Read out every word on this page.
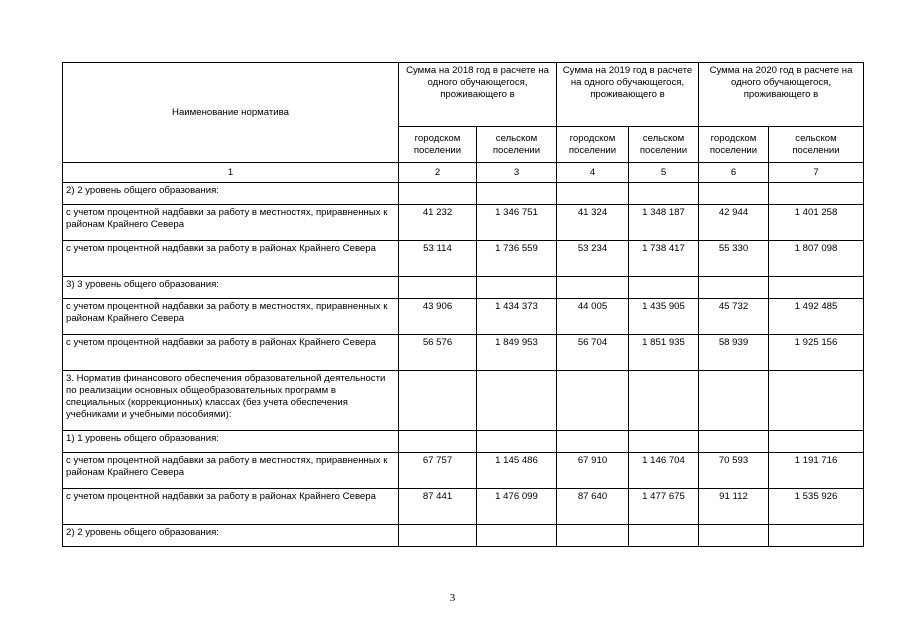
Наименование норматива	Сумма на 2018 год в расчете на одного обучающегося, проживающего в		Сумма на 2019 год в расчете на одного обучающегося, проживающего в		Сумма на 2020 год в расчете на одного обучающегося, проживающего в	
	городском поселении	сельском поселении	городском поселении	сельском поселении	городском поселении	сельском поселении
1	2	3	4	5	6	7
2) 2 уровень общего образования:						
с учетом процентной надбавки за работу в местностях, приравненных к районам Крайнего Севера	41 232	1 346 751	41 324	1 348 187	42 944	1 401 258
с учетом процентной надбавки за работу в районах Крайнего Севера	53 114	1 736 559	53 234	1 738 417	55 330	1 807 098
3) 3 уровень общего образования:						
с учетом процентной надбавки за работу в местностях, приравненных к районам Крайнего Севера	43 906	1 434 373	44 005	1 435 905	45 732	1 492 485
с учетом процентной надбавки за работу в районах Крайнего Севера	56 576	1 849 953	56 704	1 851 935	58 939	1 925 156
3. Норматив финансового обеспечения образовательной деятельности по реализации основных общеобразовательных программ в специальных (коррекционных) классах (без учета обеспечения учебниками и учебными пособиями):						
1) 1 уровень общего образования:						
с учетом процентной надбавки за работу в местностях, приравненных к районам Крайнего Севера	67 757	1 145 486	67 910	1 146 704	70 593	1 191 716
с учетом процентной надбавки за работу в районах Крайнего Севера	87 441	1 476 099	87 640	1 477 675	91 112	1 535 926
2) 2 уровень общего образования:						
3
